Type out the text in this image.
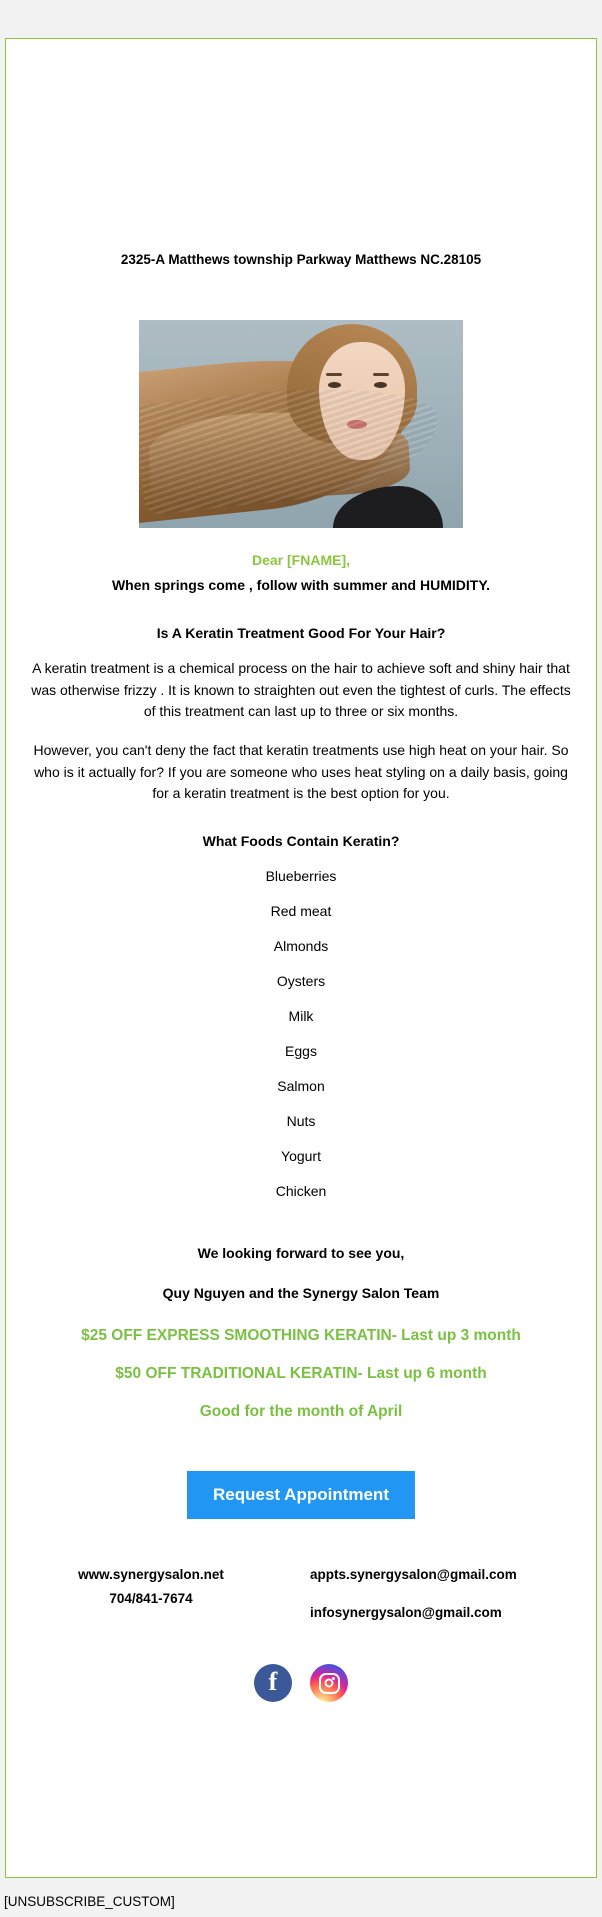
2325-A Matthews township Parkway Matthews NC.28105
Dear [FNAME],
When springs come , follow with summer and HUMIDITY.
Is A Keratin Treatment Good For Your Hair?
A keratin treatment is a chemical process on the hair to achieve soft and shiny hair that was otherwise frizzy . It is known to straighten out even the tightest of curls. The effects of this treatment can last up to three or six months.
However, you can't deny the fact that keratin treatments use high heat on your hair. So who is it actually for? If you are someone who uses heat styling on a daily basis, going for a keratin treatment is the best option for you.
What Foods Contain Keratin?
Blueberries
Red meat
Almonds
Oysters
Milk
Eggs
Salmon
Nuts
Yogurt
Chicken
We looking forward to see you,
Quy Nguyen and the Synergy Salon Team
$25 OFF EXPRESS SMOOTHING KERATIN- Last up 3 month
$50 OFF TRADITIONAL KERATIN- Last up 6 month
Good for the month of April
Request Appointment
www.synergysalon.net
704/841-7674
appts.synergysalon@gmail.com
infosynergysalon@gmail.com
f
[UNSUBSCRIBE_CUSTOM]
